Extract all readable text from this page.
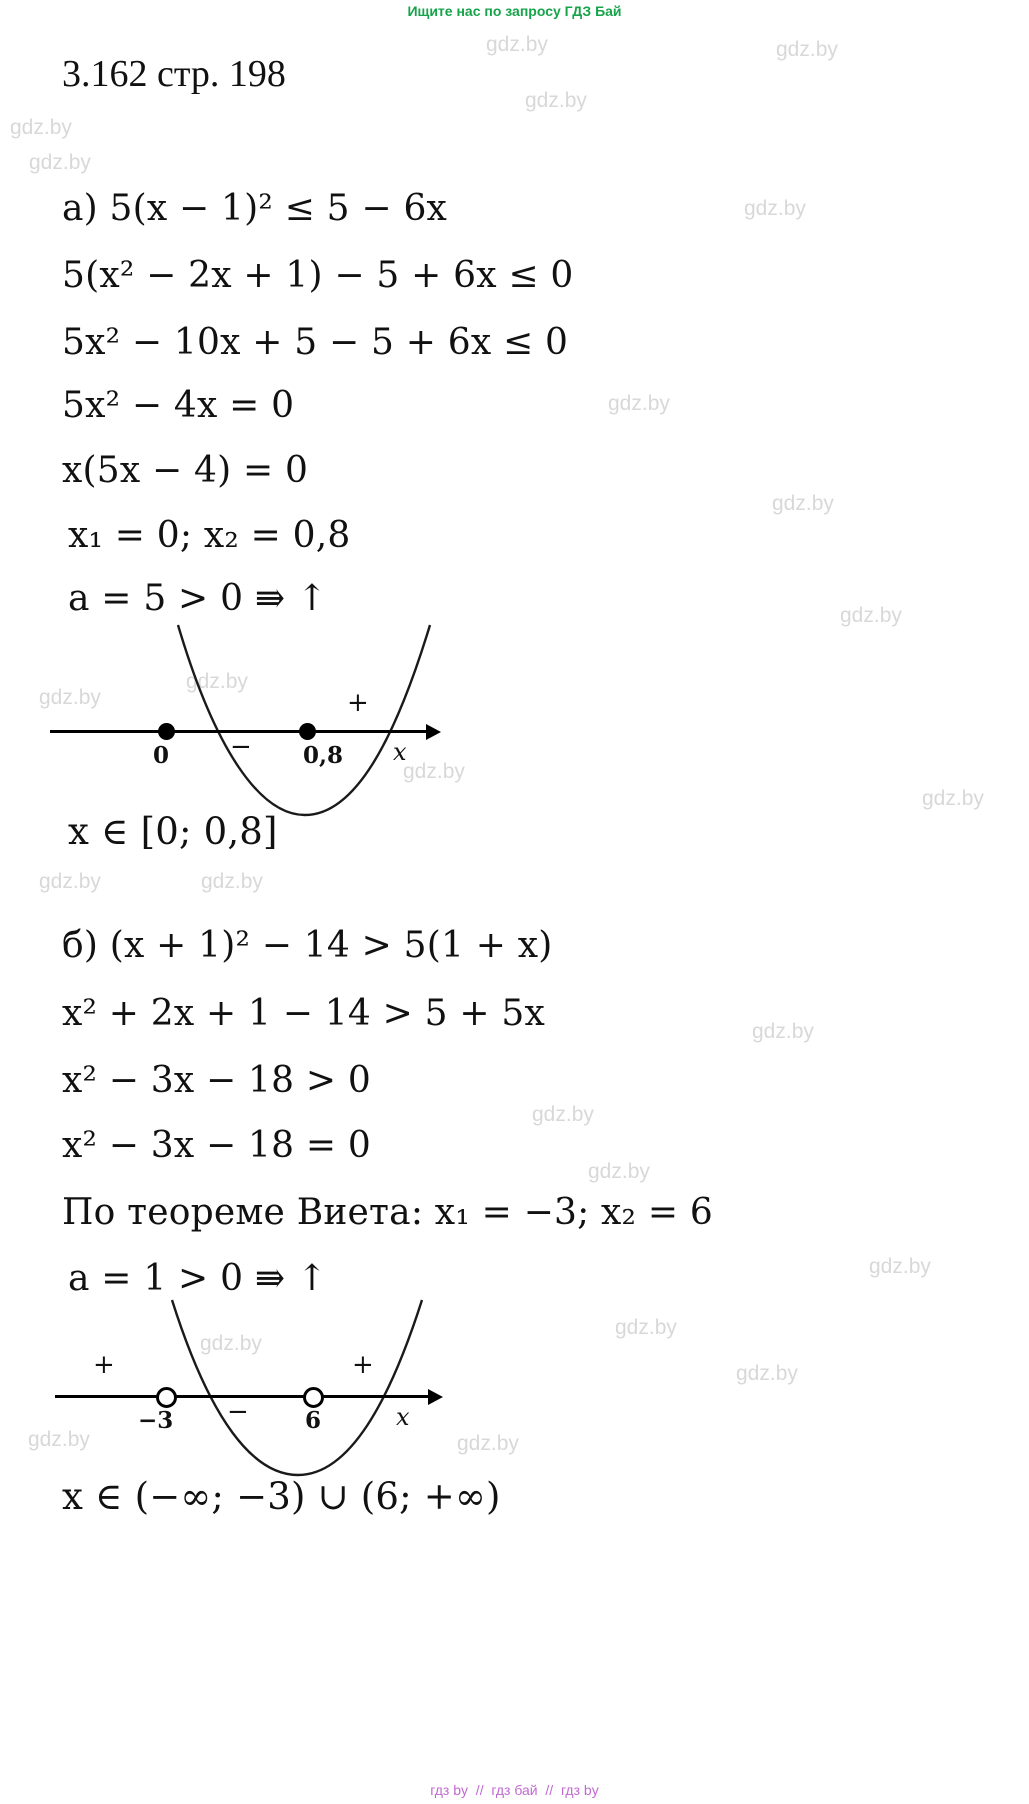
Ищите нас по запросу ГДЗ Бай
gdz.by	gdz.by
gdz.by
gdz.by
gdz.by
gdz.by
gdz.by
gdz.by
gdz.by
gdz.by
gdz.by
gdz.by
gdz.by
gdz.by	gdz.by
gdz.by
gdz.by
gdz.by
gdz.by
gdz.by
gdz.by
gdz.by
gdz.by	gdz.by
3.162 стр. 198
а) 5(x − 1)² ≤ 5 − 6x
5(x² − 2x + 1) − 5 + 6x ≤ 0
5x² − 10x + 5 − 5 + 6x ≤ 0
5x² − 4x = 0
x(5x − 4) = 0
x₁ = 0; x₂ = 0,8
a = 5 > 0 ⇛ ↑
0	0,8
+
−	x
x ∈ [0; 0,8]
б) (x + 1)² − 14 > 5(1 + x)
x² + 2x + 1 − 14 > 5 + 5x
x² − 3x − 18 > 0
x² − 3x − 18 = 0
По теореме Виета: x₁ = −3; x₂ = 6
a = 1 > 0 ⇛ ↑
−3	6
+
−
+
x
x ∈ (−∞; −3) ∪ (6; +∞)
гдз by  //  гдз бай  //  гдз by
